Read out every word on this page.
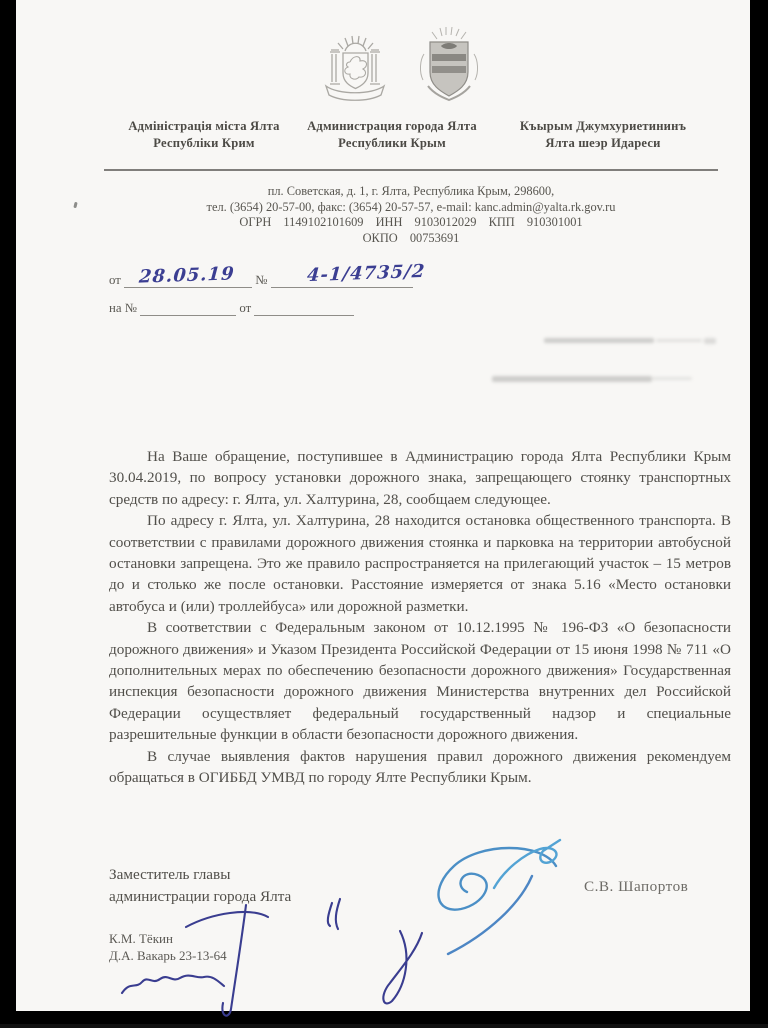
Адміністрація міста Ялта
Республіки Крим
Администрация города Ялта
Республики Крым
Къырым Джумхуриетининъ
Ялта шеэр Идареси
пл. Советская, д. 1, г. Ялта, Республика Крым, 298600,
тел. (3654) 20-57-00, факс: (3654) 20-57-57, e-mail: kanc.admin@yalta.rk.gov.ru
ОГРН 1149102101609 ИНН 9103012029 КПП 910301001
ОКПО 00753691
от	№
28.05.19	4-1/4735/2
на №	от

На Ваше обращение, поступившее в Администрацию города Ялта Республики Крым 30.04.2019, по вопросу установки дорожного знака, запрещающего стоянку транспортных средств по адресу: г. Ялта, ул. Халтурина, 28, сообщаем следующее.

По адресу г. Ялта, ул. Халтурина, 28 находится остановка общественного транспорта. В соответствии с правилами дорожного движения стоянка и парковка на территории автобусной остановки запрещена. Это же правило распространяется на прилегающий участок – 15 метров до и столько же после остановки. Расстояние измеряется от знака 5.16 «Место остановки автобуса и (или) троллейбуса» или дорожной разметки.

В соответствии с Федеральным законом от 10.12.1995 № 196-ФЗ «О безопасности дорожного движения» и Указом Президента Российской Федерации от 15 июня 1998 № 711 «О дополнительных мерах по обеспечению безопасности дорожного движения» Государственная инспекция безопасности дорожного движения Министерства внутренних дел Российской Федерации осуществляет федеральный государственный надзор и специальные разрешительные функции в области безопасности дорожного движения.

В случае выявления фактов нарушения правил дорожного движения рекомендуем обращаться в ОГИББД УМВД по городу Ялте Республики Крым.

Заместитель главы
администрации города Ялта
С.В. Шапортов
К.М. Тёкин
Д.А. Вакарь 23-13-64
